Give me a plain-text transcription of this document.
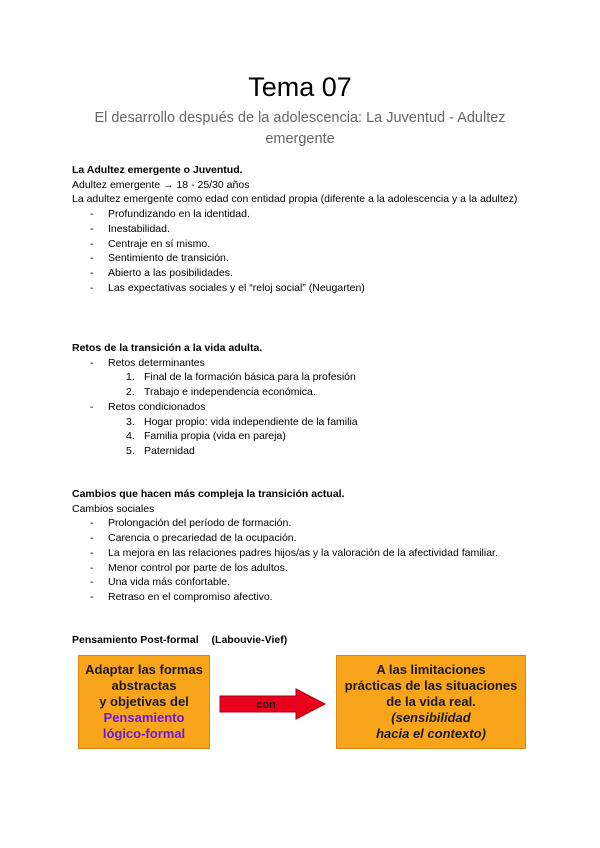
Tema 07

El desarrollo después de la adolescencia: La Juventud - Adultez emergente

La Adultez emergente o Juventud.
Adultez emergente → 18 - 25/30 años
La adultez emergente como edad con entidad propia (diferente a la adolescencia y a la adultez)
- Profundizando en la identidad.
- Inestabilidad.
- Centraje en sí mismo.
- Sentimiento de transición.
- Abierto a las posibilidades.
- Las expectativas sociales y el “reloj social” (Neugarten)
Retos de la transición a la vida adulta.
- Retos determinantes
1. Final de la formación básica para la profesión
2. Trabajo e independencia económica.
- Retos condicionados
3. Hogar propio: vida independiente de la familia
4. Familia propia (vida en pareja)
5. Paternidad
Cambios que hacen más compleja la transición actual.
Cambios sociales
- Prolongación del período de formación.
- Carencia o precariedad de la ocupación.
- La mejora en las relaciones padres hijos/as y la valoración de la afectividad familiar.
- Menor control por parte de los adultos.
- Una vida más confortable.
- Retraso en el compromiso afectivo.
Pensamiento Post-formal (Labouvie-Vief)
Adaptar las formas
abstractas
y objetivas del
Pensamiento
lógico-formal
con
A las limitaciones
prácticas de las situaciones
de la vida real.
(sensibilidad
hacia el contexto)
